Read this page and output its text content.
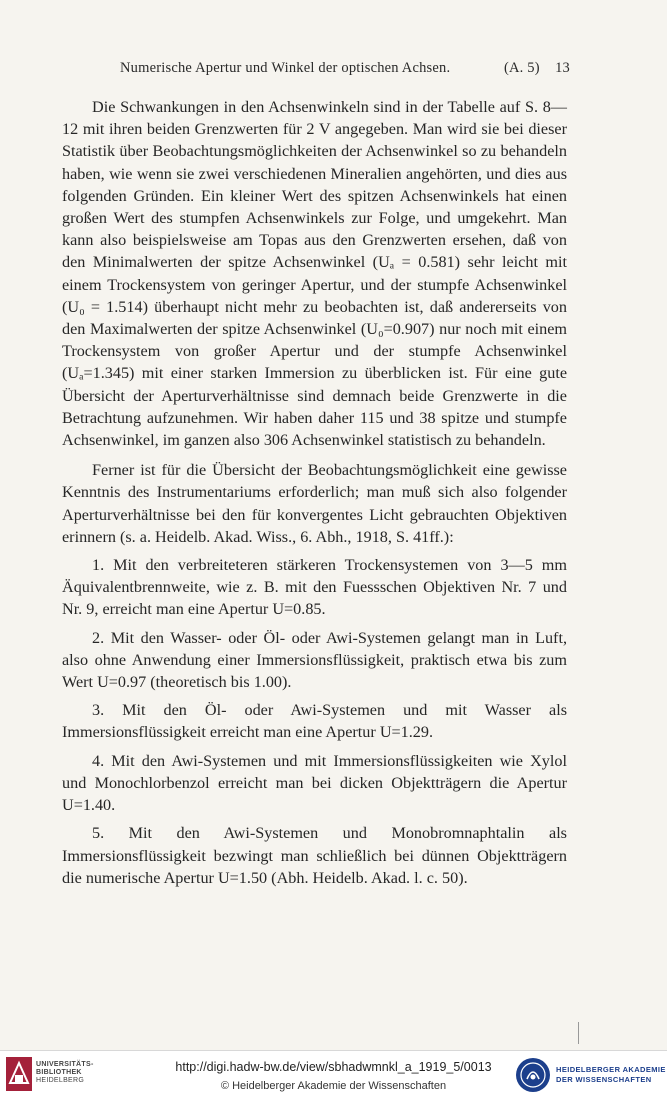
Numerische Apertur und Winkel der optischen Achsen.	(A. 5) 13

Die Schwankungen in den Achsenwinkeln sind in der Tabelle auf S. 8—12 mit ihren beiden Grenzwerten für 2 V angegeben. Man wird sie bei dieser Statistik über Beobachtungsmöglichkeiten der Achsenwinkel so zu behandeln haben, wie wenn sie zwei verschiedenen Mineralien angehörten, und dies aus folgenden Gründen. Ein kleiner Wert des spitzen Achsenwinkels hat einen großen Wert des stumpfen Achsenwinkels zur Folge, und umgekehrt. Man kann also beispielsweise am Topas aus den Grenzwerten ersehen, daß von den Minimalwerten der spitze Achsenwinkel (Uₐ = 0.581) sehr leicht mit einem Trockensystem von geringer Apertur, und der stumpfe Achsenwinkel (U₀ = 1.514) überhaupt nicht mehr zu beobachten ist, daß andererseits von den Maximalwerten der spitze Achsenwinkel (U₀=0.907) nur noch mit einem Trockensystem von großer Apertur und der stumpfe Achsenwinkel (Uₐ=1.345) mit einer starken Immersion zu überblicken ist. Für eine gute Übersicht der Aperturverhältnisse sind demnach beide Grenzwerte in die Betrachtung aufzunehmen. Wir haben daher 115 und 38 spitze und stumpfe Achsenwinkel, im ganzen also 306 Achsenwinkel statistisch zu behandeln.

Ferner ist für die Übersicht der Beobachtungsmöglichkeit eine gewisse Kenntnis des Instrumentariums erforderlich; man muß sich also folgender Aperturverhältnisse bei den für konvergentes Licht gebrauchten Objektiven erinnern (s. a. Heidelb. Akad. Wiss., 6. Abh., 1918, S. 41ff.):

1. Mit den verbreiteteren stärkeren Trockensystemen von 3—5 mm Äquivalentbrennweite, wie z. B. mit den Fuessschen Objektiven Nr. 7 und Nr. 9, erreicht man eine Apertur U=0.85.

2. Mit den Wasser- oder Öl- oder Awi-Systemen gelangt man in Luft, also ohne Anwendung einer Immersionsflüssigkeit, praktisch etwa bis zum Wert U=0.97 (theoretisch bis 1.00).

3. Mit den Öl- oder Awi-Systemen und mit Wasser als Immersionsflüssigkeit erreicht man eine Apertur U=1.29.

4. Mit den Awi-Systemen und mit Immersionsflüssigkeiten wie Xylol und Monochlorbenzol erreicht man bei dicken Objektträgern die Apertur U=1.40.

5. Mit den Awi-Systemen und Monobromnaphtalin als Immersionsflüssigkeit bezwingt man schließlich bei dünnen Objektträgern die numerische Apertur U=1.50 (Abh. Heidelb. Akad. l. c. 50).

UNIVERSITÄTS-
BIBLIOTHEK
HEIDELBERG
http://digi.hadw-bw.de/view/sbhadwmnkl_a_1919_5/0013
© Heidelberger Akademie der Wissenschaften
HEIDELBERGER AKADEMIE
DER WISSENSCHAFTEN
